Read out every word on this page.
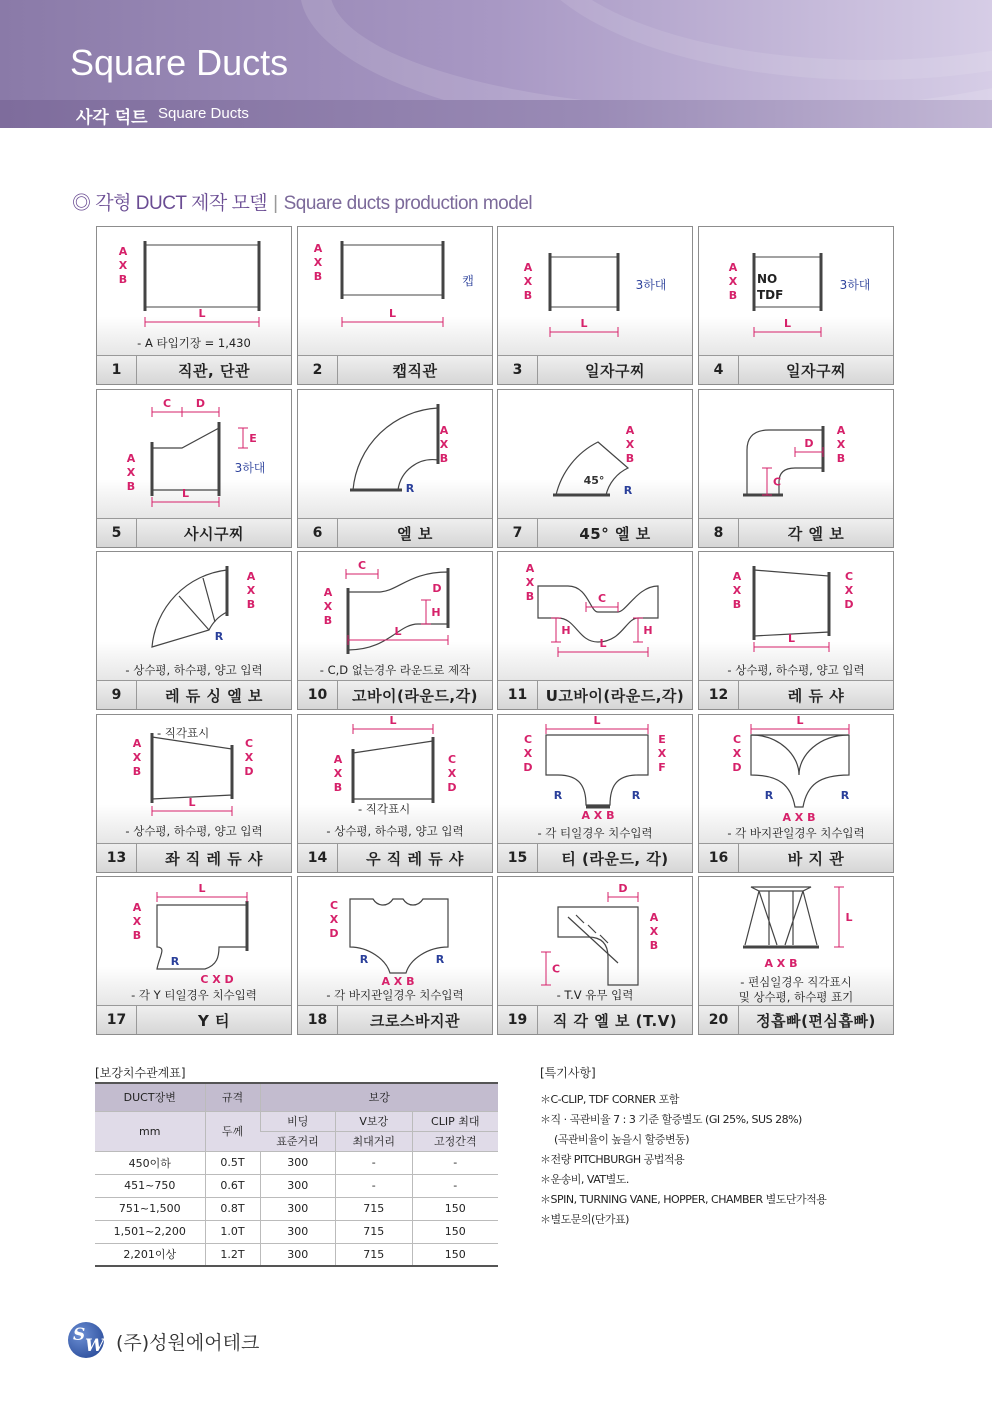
Square Ducts
사각 덕트 Square Ducts
◎ 각형 DUCT 제작 모델 | Square ducts production model
A
X
B
L
- A 타입기장 = 1,430
1	직관, 단관
A
X
B
L
캡
2	캡직관
A
X
B
L
3하대
3	일자구찌
A
X
B
L
NO
TDF
3하대
4	일자구찌
C D
A
X
B
E
L
3하대
5	사시구찌
A
X
B
R
6	엘 보
A
X
B
45°
R
7	45° 엘 보
A
X
B
D
C
8	각 엘 보
A
X
B
R
- 상수평, 하수평, 양고 입력
9	레 듀 싱 엘 보
C
A
X
B
H
D
L
- C,D 없는경우 라운드로 제작
10	고바이(라운드,각)
A
X
B	C
H	H
L
11	U고바이(라운드,각)
A
X
B
C
X
D
L
- 상수평, 하수평, 양고 입력
12	레 듀 샤
A
X
B
C
X
D
L
- 직각표시
- 상수평, 하수평, 양고 입력
13	좌 직 레 듀 샤
A
X
B
C
X
D
L
- 직각표시
- 상수평, 하수평, 양고 입력
14	우 직 레 듀 샤
C
X
D
E
X
F
L
R	R
A X B
- 각 티일경우 치수입력
15	티 (라운드, 각)
C
X
D
L
R	R
A X B
- 각 바지관일경우 치수입력
16	바 지 관
A
X
B
L
R
C X D
- 각 Y 티일경우 치수입력
17	Y 티
C
X
D
R	R
A X B
- 각 바지관일경우 치수입력
18	크로스바지관
D
A
X
B
C
- T.V 유무 입력
19	직 각 엘 보 (T.V)
L
A X B
- 편심일경우 직각표시
및 상수평, 하수평 표기
20	정흡빠(편심흡빠)
[보강치수관계표]
DUCT장변	규격	보강		
mm	두께	비딩	V보강	CLIP 최대
		표준거리	최대거리	고정간격
450이하	0.5T	300	-	-
451~750	0.6T	300	-	-
751~1,500	0.8T	300	715	150
1,501~2,200	1.0T	300	715	150
2,201이상	1.2T	300	715	150
[특기사항]
＊C-CLIP, TDF CORNER 포함
＊직 · 곡관비율 7 : 3 기준 할증별도 (GI 25%, SUS 28%)
(곡관비율이 높을시 할증변동)
＊전량 PITCHBURGH 공법적용
＊운송비, VAT별도.
＊SPIN, TURNING VANE, HOPPER, CHAMBER 별도단가적용
＊별도문의(단가표)
S
W (주)성원에어테크
